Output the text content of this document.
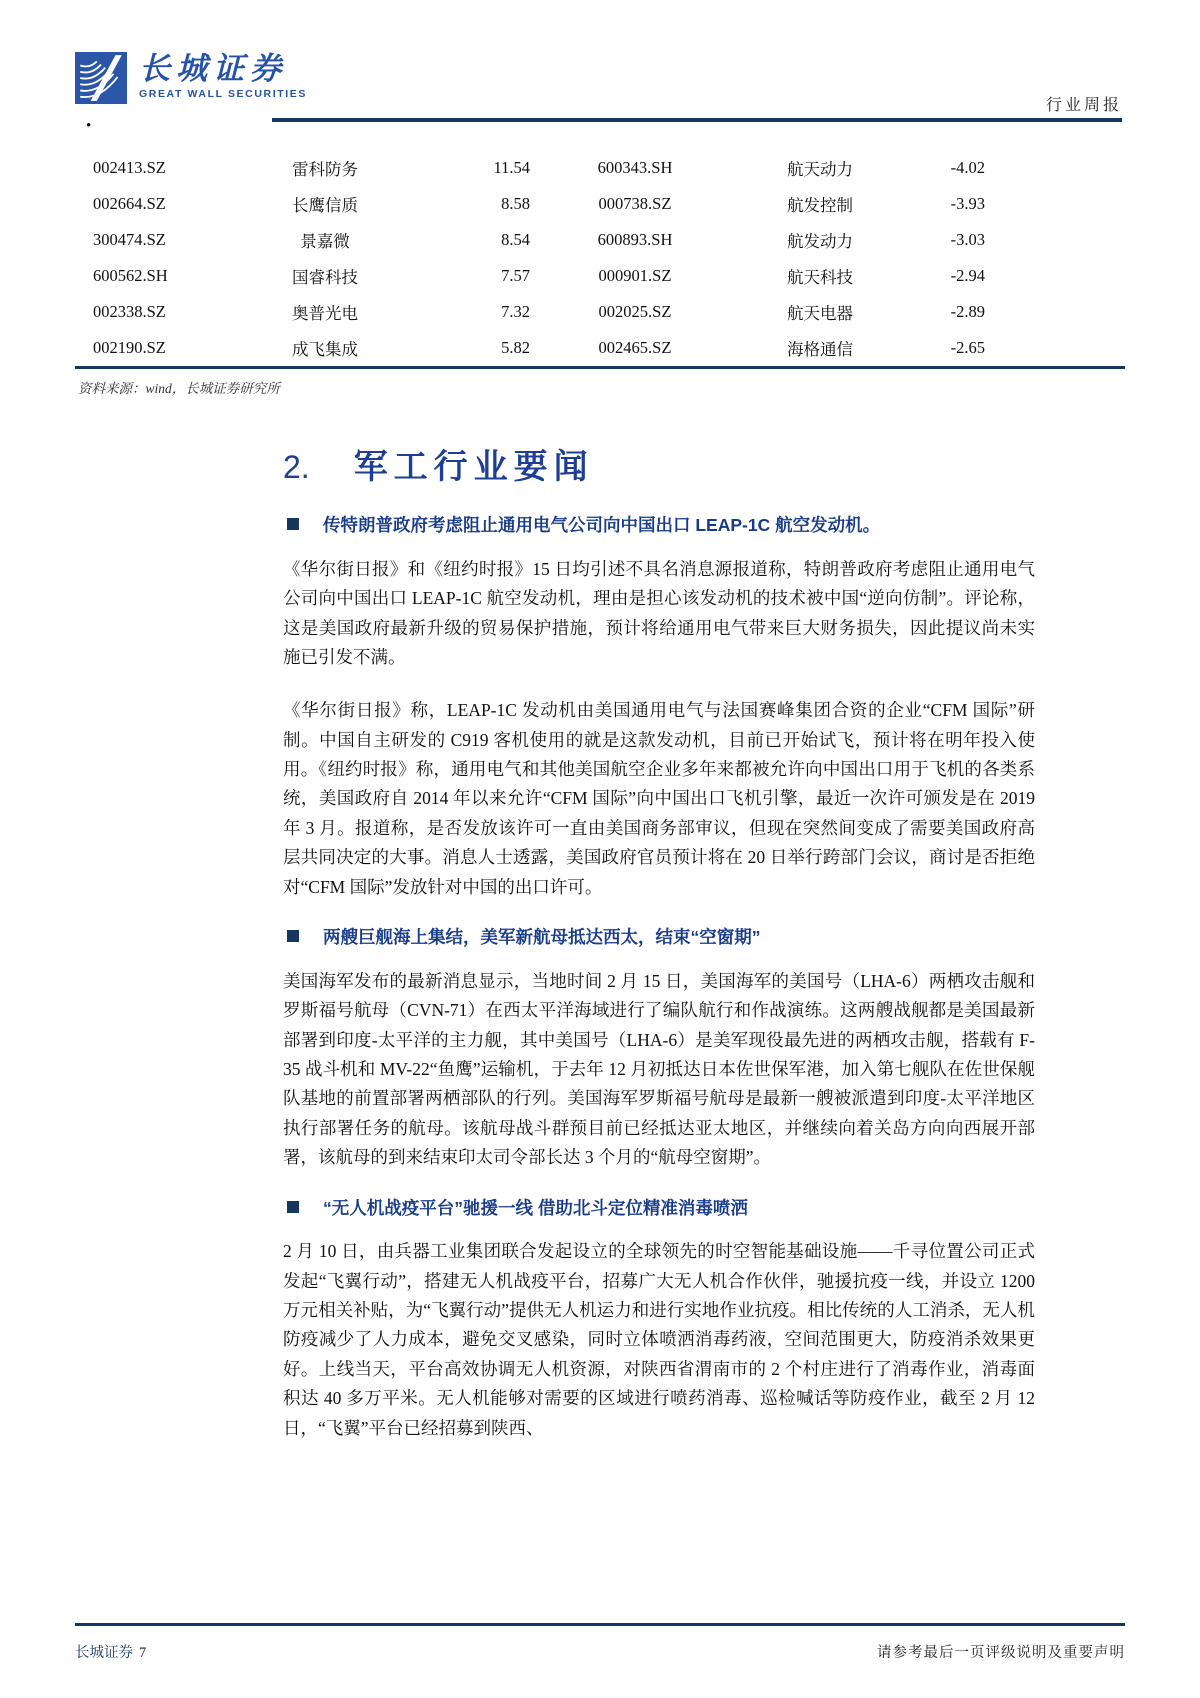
长城证券
GREAT WALL SECURITIES
行业周报
•
002413.SZ	雷科防务	11.54	600343.SH	航天动力	-4.02
002664.SZ	长鹰信质	8.58	000738.SZ	航发控制	-3.93
300474.SZ	景嘉微	8.54	600893.SH	航发动力	-3.03
600562.SH	国睿科技	7.57	000901.SZ	航天科技	-2.94
002338.SZ	奥普光电	7.32	002025.SZ	航天电器	-2.89
002190.SZ	成飞集成	5.82	002465.SZ	海格通信	-2.65
资料来源：wind，长城证券研究所
2. 军工行业要闻
传特朗普政府考虑阻止通用电气公司向中国出口 LEAP-1C 航空发动机。

《华尔街日报》和《纽约时报》15 日均引述不具名消息源报道称，特朗普政府考虑阻止通用电气公司向中国出口 LEAP-1C 航空发动机，理由是担心该发动机的技术被中国“逆向仿制”。评论称，这是美国政府最新升级的贸易保护措施，预计将给通用电气带来巨大财务损失，因此提议尚未实施已引发不满。

《华尔街日报》称，LEAP-1C 发动机由美国通用电气与法国赛峰集团合资的企业“CFM 国际”研制。中国自主研发的 C919 客机使用的就是这款发动机，目前已开始试飞，预计将在明年投入使用。《纽约时报》称，通用电气和其他美国航空企业多年来都被允许向中国出口用于飞机的各类系统，美国政府自 2014 年以来允许“CFM 国际”向中国出口飞机引擎，最近一次许可颁发是在 2019 年 3 月。报道称，是否发放该许可一直由美国商务部审议，但现在突然间变成了需要美国政府高层共同决定的大事。消息人士透露，美国政府官员预计将在 20 日举行跨部门会议，商讨是否拒绝对“CFM 国际”发放针对中国的出口许可。

两艘巨舰海上集结，美军新航母抵达西太，结束“空窗期”

美国海军发布的最新消息显示，当地时间 2 月 15 日，美国海军的美国号（LHA-6）两栖攻击舰和罗斯福号航母（CVN-71）在西太平洋海域进行了编队航行和作战演练。这两艘战舰都是美国最新部署到印度-太平洋的主力舰，其中美国号（LHA-6）是美军现役最先进的两栖攻击舰，搭载有 F-35 战斗机和 MV-22“鱼鹰”运输机，于去年 12 月初抵达日本佐世保军港，加入第七舰队在佐世保舰队基地的前置部署两栖部队的行列。美国海军罗斯福号航母是最新一艘被派遣到印度-太平洋地区执行部署任务的航母。该航母战斗群预目前已经抵达亚太地区，并继续向着关岛方向向西展开部署，该航母的到来结束印太司令部长达 3 个月的“航母空窗期”。

“无人机战疫平台”驰援一线 借助北斗定位精准消毒喷洒

2 月 10 日，由兵器工业集团联合发起设立的全球领先的时空智能基础设施——千寻位置公司正式发起“飞翼行动”，搭建无人机战疫平台，招募广大无人机合作伙伴，驰援抗疫一线，并设立 1200 万元相关补贴，为“飞翼行动”提供无人机运力和进行实地作业抗疫。相比传统的人工消杀，无人机防疫减少了人力成本，避免交叉感染，同时立体喷洒消毒药液，空间范围更大，防疫消杀效果更好。上线当天，平台高效协调无人机资源，对陕西省渭南市的 2 个村庄进行了消毒作业，消毒面积达 40 多万平米。无人机能够对需要的区域进行喷药消毒、巡检喊话等防疫作业，截至 2 月 12 日，“飞翼”平台已经招募到陕西、

长城证券 7	请参考最后一页评级说明及重要声明
